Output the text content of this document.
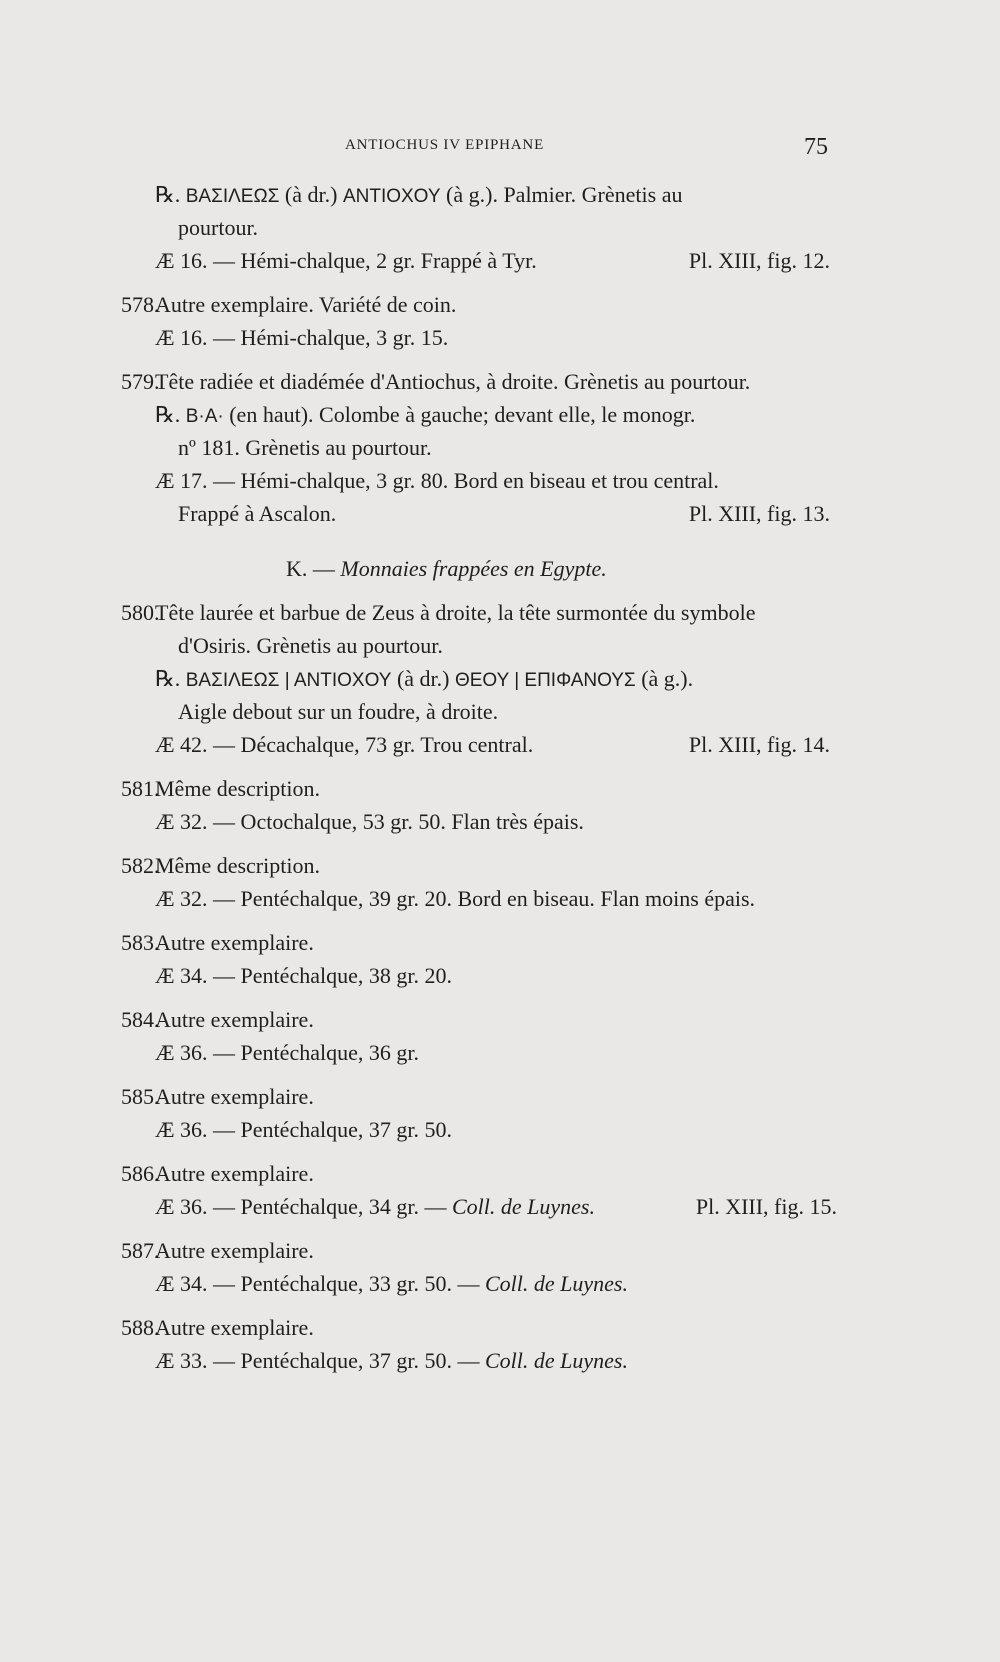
ANTIOCHUS IV EPIPHANE	75
℞. ΒΑΣΙΛΕΩΣ (à dr.) ΑΝΤΙΟΧΟΥ (à g.). Palmier. Grènetis au
pourtour.
Æ 16. — Hémi-chalque, 2 gr. Frappé à Tyr.	Pl. XIII, fig. 12.
578.
Autre exemplaire. Variété de coin.
Æ 16. — Hémi-chalque, 3 gr. 15.
579.
Tête radiée et diadémée d'Antiochus, à droite. Grènetis au pourtour.
℞. Β·Α· (en haut). Colombe à gauche; devant elle, le monogr.
nº 181. Grènetis au pourtour.
Æ 17. — Hémi-chalque, 3 gr. 80. Bord en biseau et trou central.
Frappé à Ascalon.	Pl. XIII, fig. 13.
K. — Monnaies frappées en Egypte.
580.
Tête laurée et barbue de Zeus à droite, la tête surmontée du symbole
d'Osiris. Grènetis au pourtour.
℞. ΒΑΣΙΛΕΩΣ | ΑΝΤΙΟΧΟΥ (à dr.) ΘΕΟΥ | ΕΠΙΦΑΝΟΥΣ (à g.).
Aigle debout sur un foudre, à droite.
Æ 42. — Décachalque, 73 gr. Trou central.	Pl. XIII, fig. 14.
581.
Même description.
Æ 32. — Octochalque, 53 gr. 50. Flan très épais.
582.
Même description.
Æ 32. — Pentéchalque, 39 gr. 20. Bord en biseau. Flan moins épais.
583.
Autre exemplaire.
Æ 34. — Pentéchalque, 38 gr. 20.
584.
Autre exemplaire.
Æ 36. — Pentéchalque, 36 gr.
585.
Autre exemplaire.
Æ 36. — Pentéchalque, 37 gr. 50.
586.
Autre exemplaire.
Æ 36. — Pentéchalque, 34 gr. — Coll. de Luynes.	Pl. XIII, fig. 15.
587.
Autre exemplaire.
Æ 34. — Pentéchalque, 33 gr. 50. — Coll. de Luynes.
588.
Autre exemplaire.
Æ 33. — Pentéchalque, 37 gr. 50. — Coll. de Luynes.
